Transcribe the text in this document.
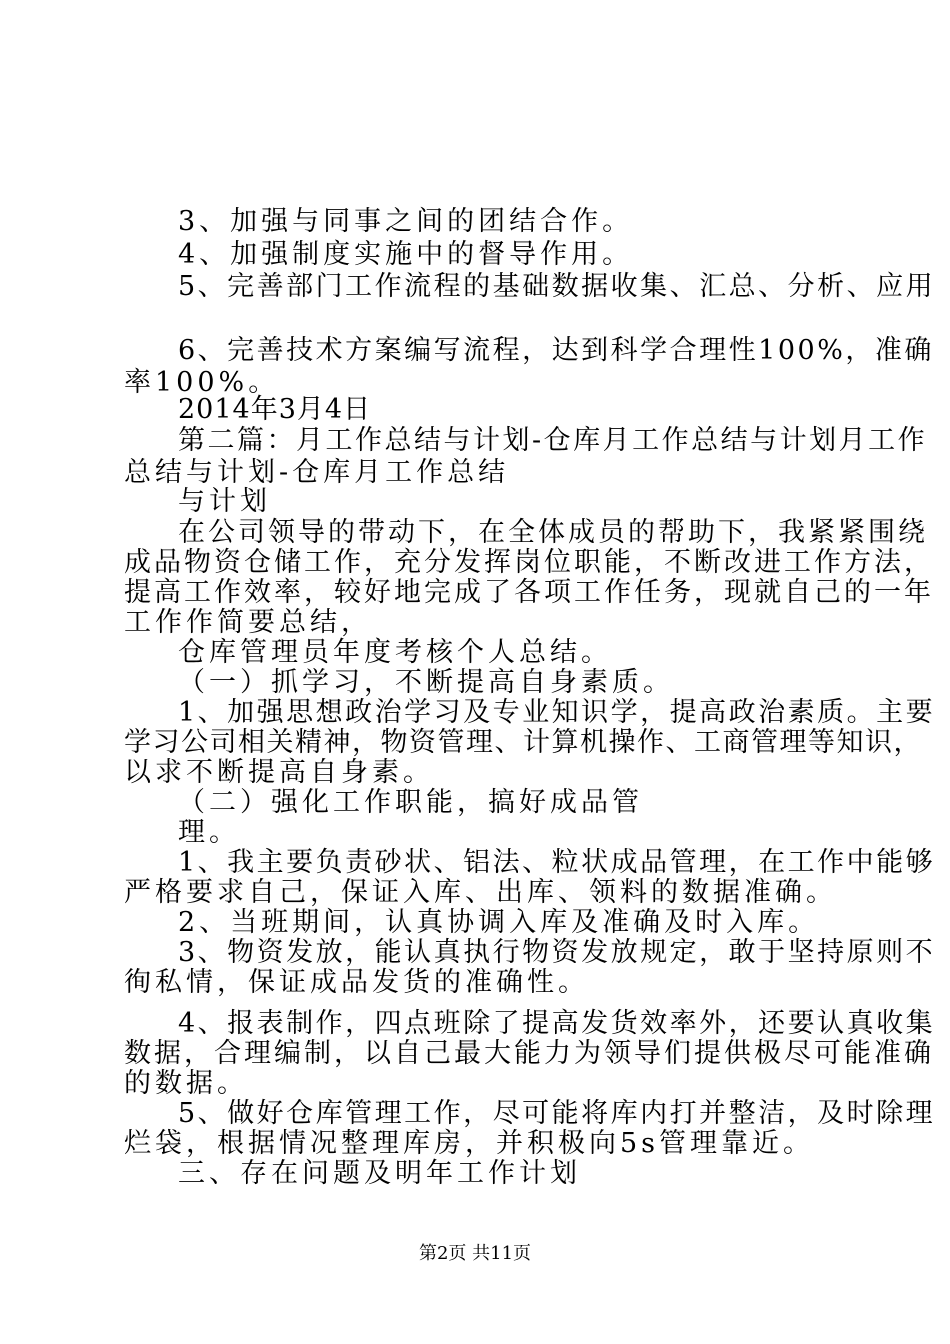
3、加强与同事之间的团结合作。
4、加强制度实施中的督导作用。
5、完善部门工作流程的基础数据收集、汇总、分析、应用
6、完善技术方案编写流程，达到科学合理性100%，准确
率100%。
2014年3月4日
第二篇：月工作总结与计划-仓库月工作总结与计划月工作
总结与计划-仓库月工作总结
与计划
在公司领导的带动下，在全体成员的帮助下，我紧紧围绕
成品物资仓储工作，充分发挥岗位职能，不断改进工作方法，
提高工作效率，较好地完成了各项工作任务，现就自己的一年
工作作简要总结，
仓库管理员年度考核个人总结。
（一）抓学习，不断提高自身素质。
1、加强思想政治学习及专业知识学，提高政治素质。主要
学习公司相关精神，物资管理、计算机操作、工商管理等知识，
以求不断提高自身素。
（二）强化工作职能，搞好成品管
理。
1、我主要负责砂状、铝法、粒状成品管理，在工作中能够
严格要求自己，保证入库、出库、领料的数据准确。
2、当班期间，认真协调入库及准确及时入库。
3、物资发放，能认真执行物资发放规定，敢于坚持原则不
徇私情，保证成品发货的准确性。
4、报表制作，四点班除了提高发货效率外，还要认真收集
数据，合理编制，以自己最大能力为领导们提供极尽可能准确
的数据。
5、做好仓库管理工作，尽可能将库内打并整洁，及时除理
烂袋，根据情况整理库房，并积极向5s管理靠近。
三、存在问题及明年工作计划
第2页 共11页
